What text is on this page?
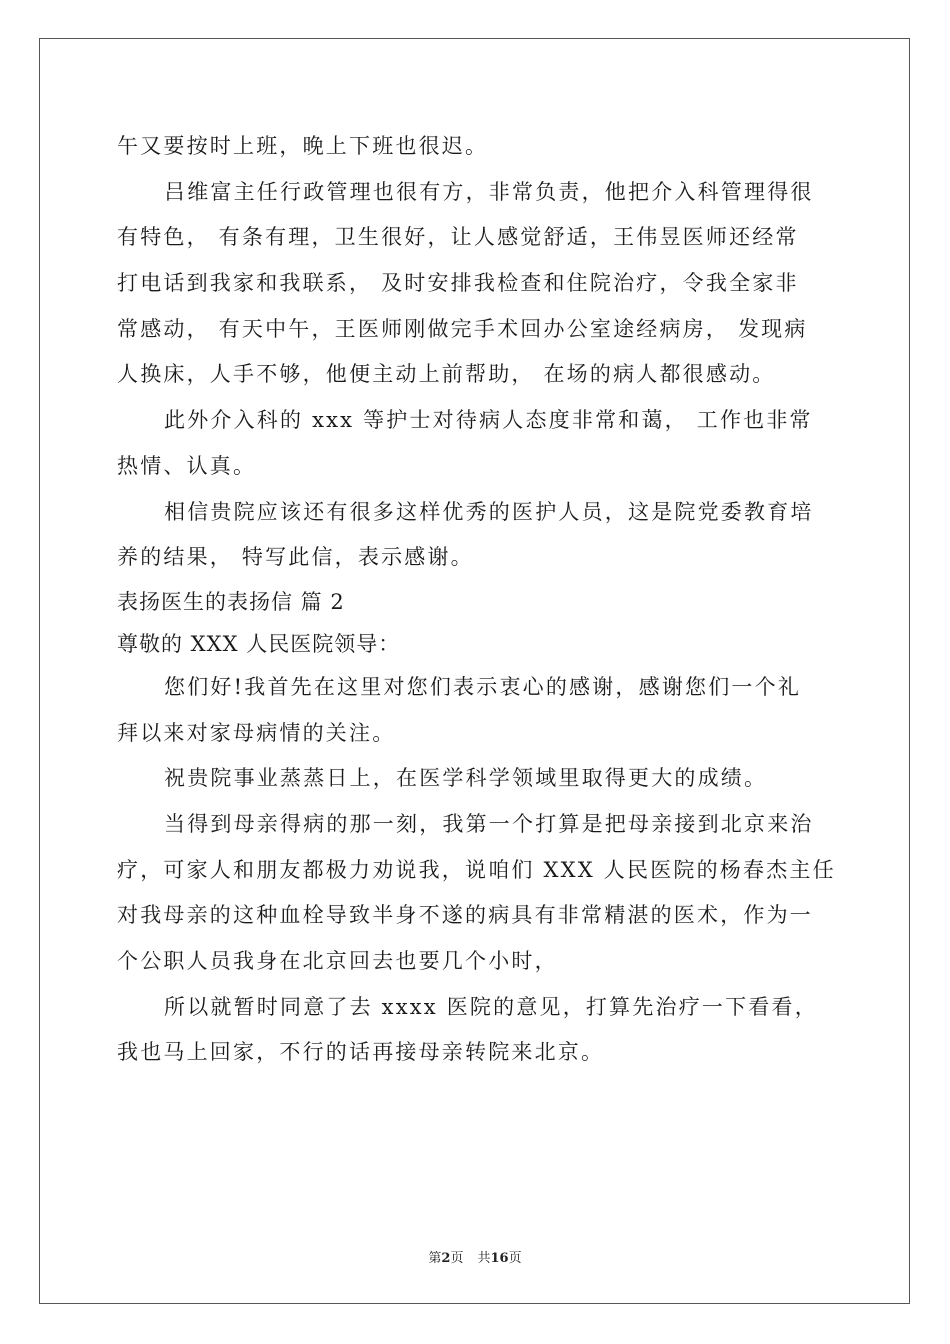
午又要按时上班，晚上下班也很迟。
吕维富主任行政管理也很有方，非常负责，他把介入科管理得很
有特色， 有条有理，卫生很好，让人感觉舒适，王伟昱医师还经常
打电话到我家和我联系， 及时安排我检查和住院治疗，令我全家非
常感动， 有天中午，王医师刚做完手术回办公室途经病房， 发现病
人换床，人手不够，他便主动上前帮助， 在场的病人都很感动。
此外介入科的 xxx 等护士对待病人态度非常和蔼， 工作也非常
热情、认真。
相信贵院应该还有很多这样优秀的医护人员，这是院党委教育培
养的结果， 特写此信，表示感谢。
表扬医生的表扬信 篇 2
尊敬的 XXX 人民医院领导：
您们好!我首先在这里对您们表示衷心的感谢，感谢您们一个礼
拜以来对家母病情的关注。
祝贵院事业蒸蒸日上，在医学科学领域里取得更大的成绩。
当得到母亲得病的那一刻，我第一个打算是把母亲接到北京来治
疗，可家人和朋友都极力劝说我，说咱们 XXX 人民医院的杨春杰主任
对我母亲的这种血栓导致半身不遂的病具有非常精湛的医术，作为一
个公职人员我身在北京回去也要几个小时，
所以就暂时同意了去 xxxx 医院的意见，打算先治疗一下看看，
我也马上回家，不行的话再接母亲转院来北京。
第2页 共16页
